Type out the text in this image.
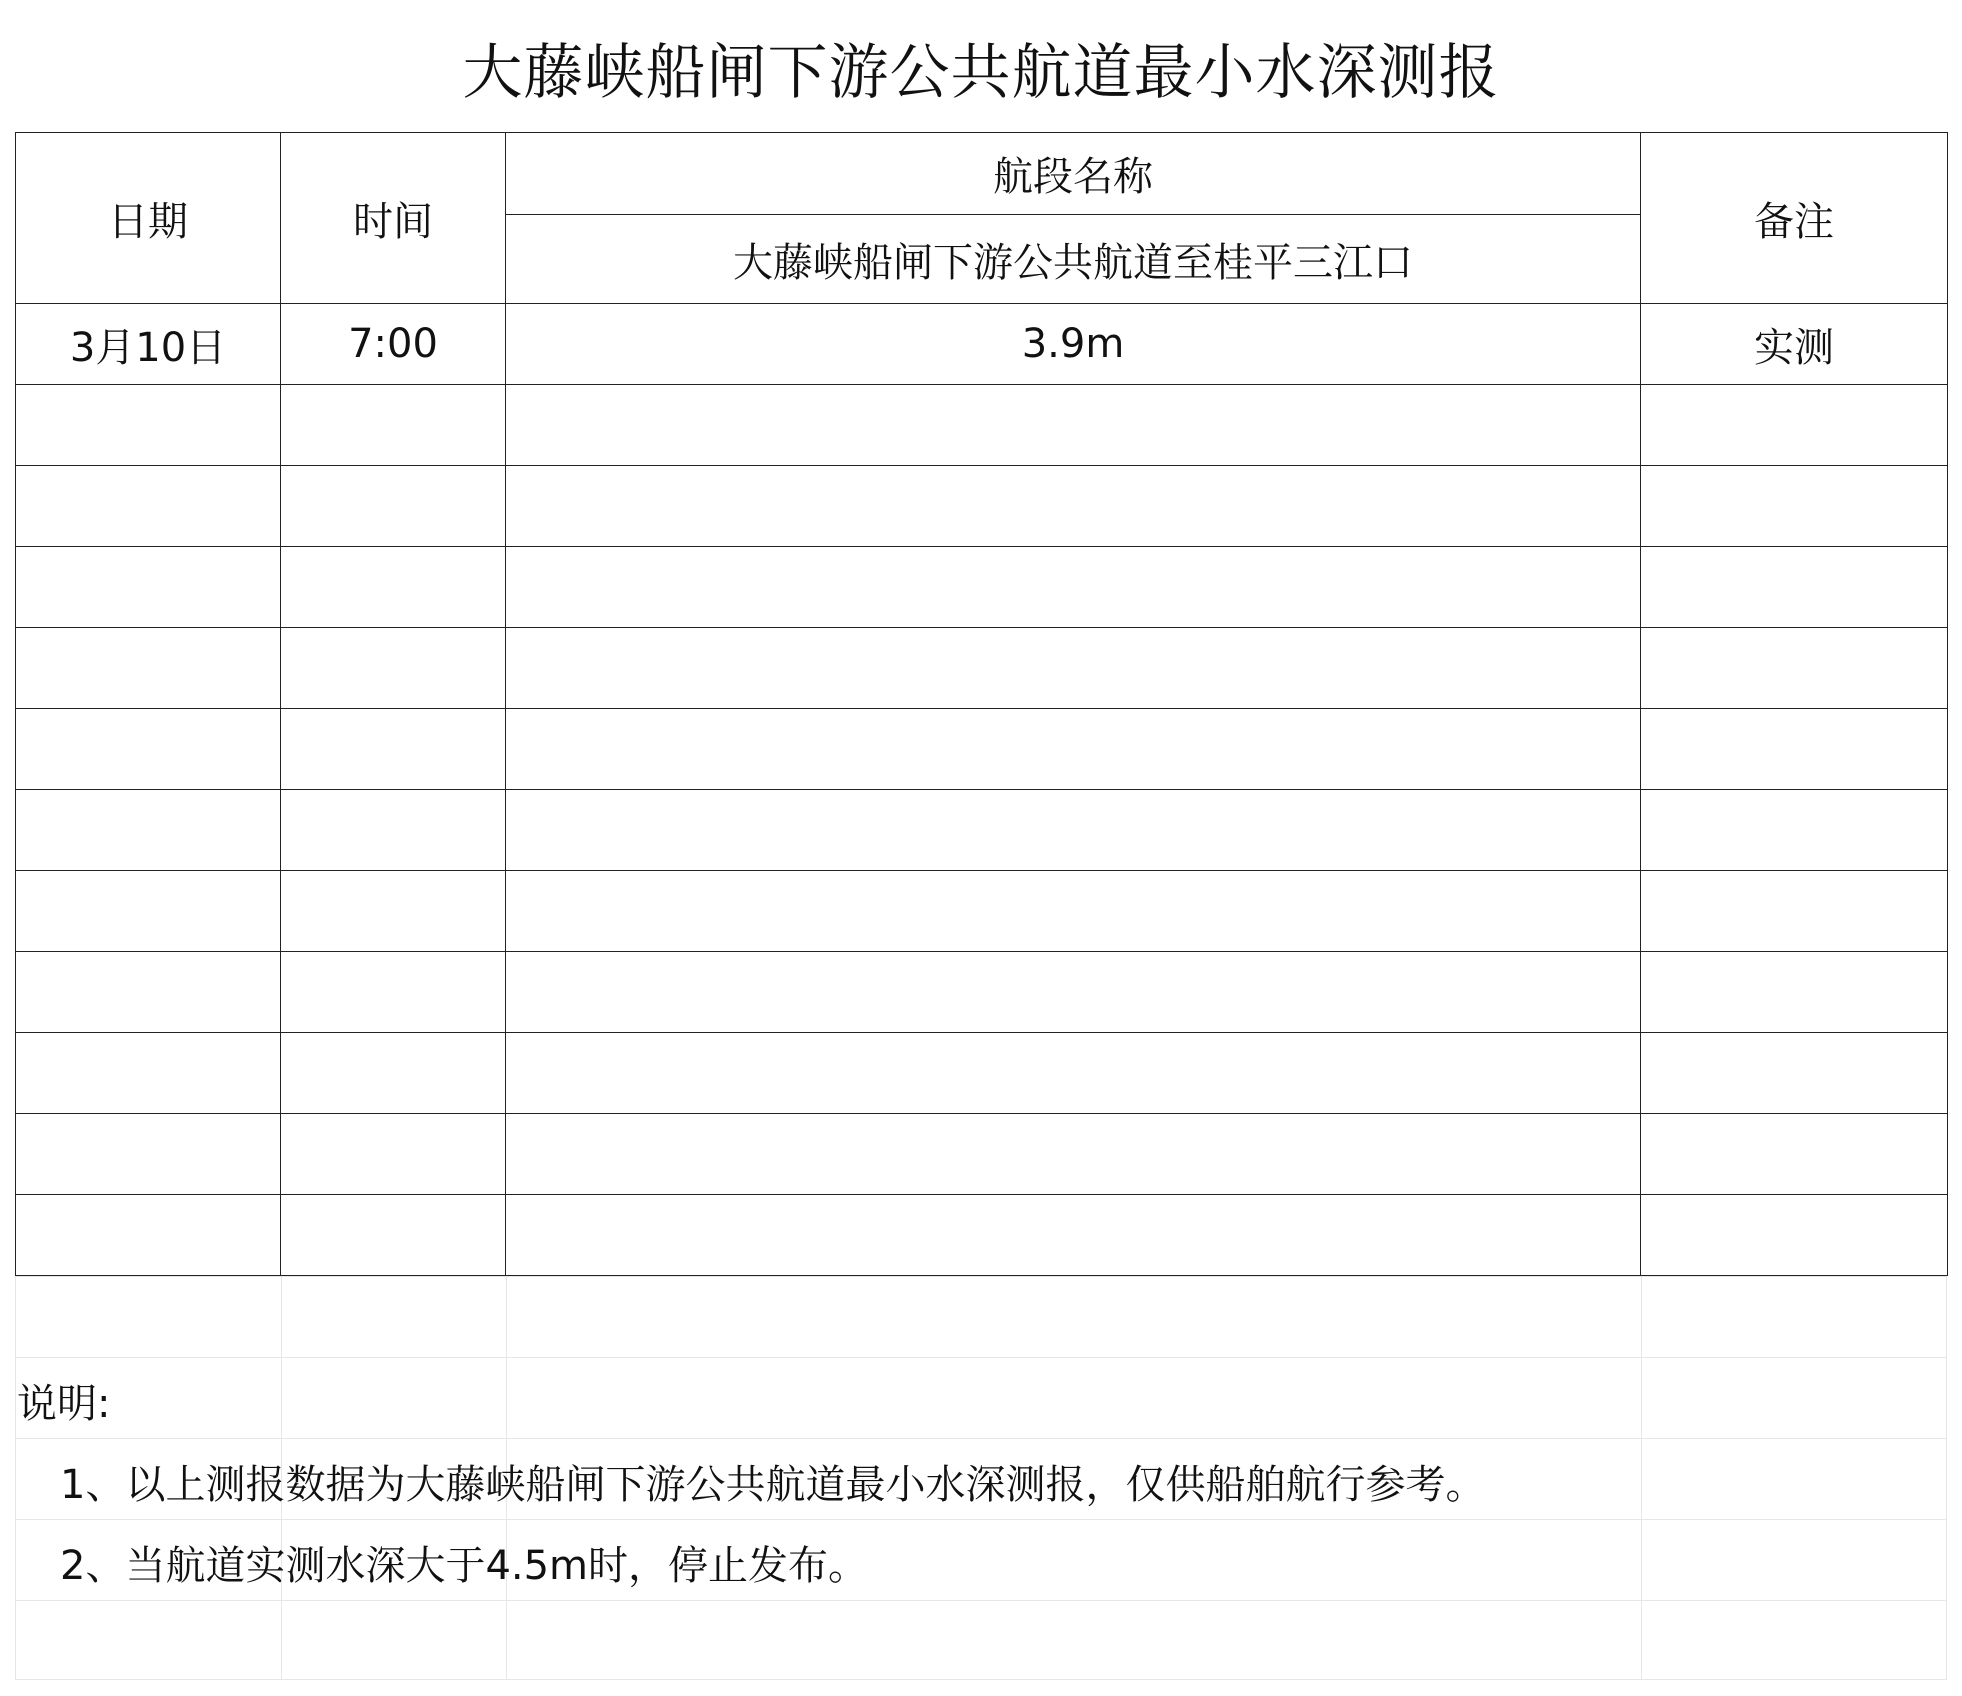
大藤峡船闸下游公共航道最小水深测报
日期	时间	航段名称	备注
		大藤峡船闸下游公共航道至桂平三江口	
3月10日	7:00	3.9m	实测

说明:
1、以上测报数据为大藤峡船闸下游公共航道最小水深测报，仅供船舶航行参考。
2、当航道实测水深大于4.5m时，停止发布。
